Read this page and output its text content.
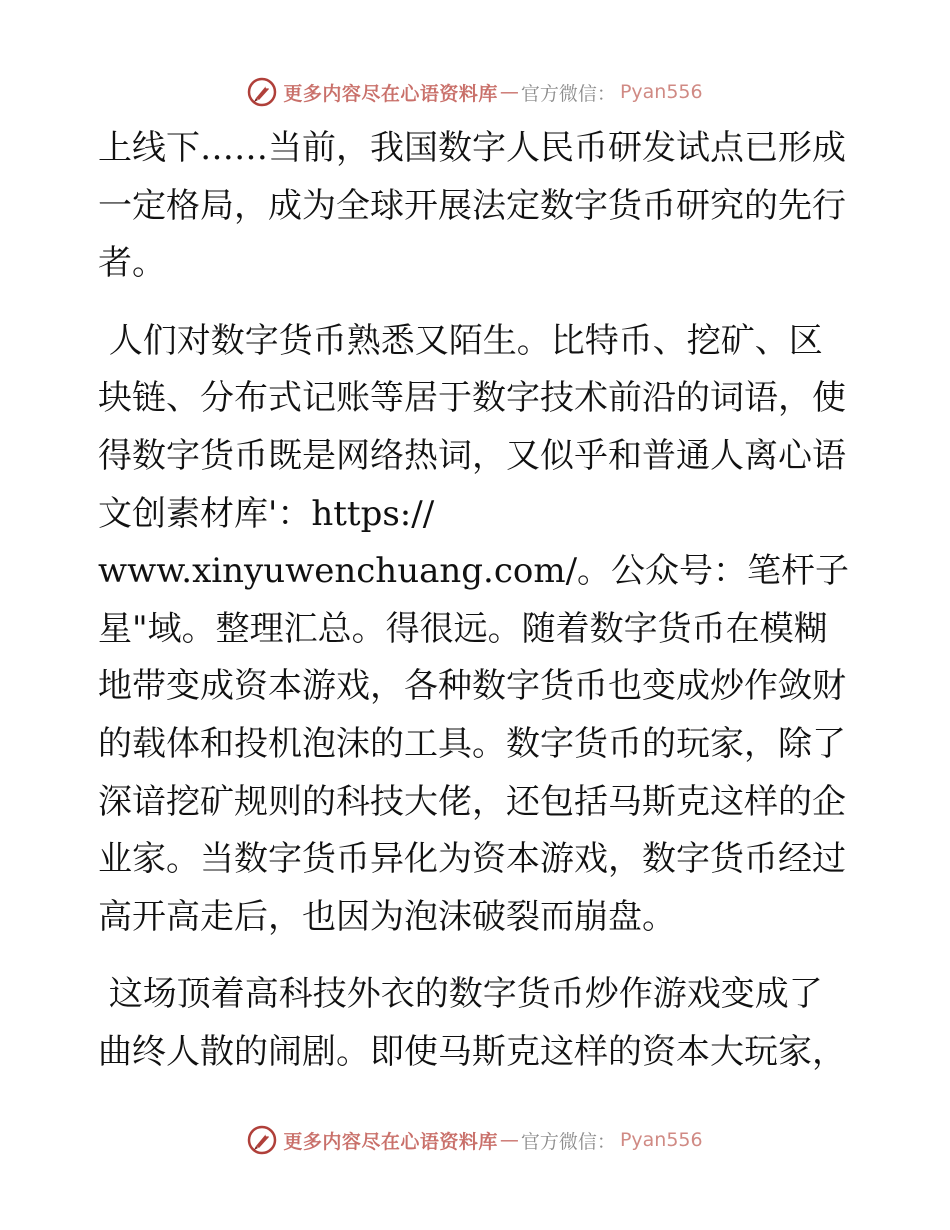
更多内容尽在心语资料库 — 官方微信： Pyan556

上线下……当前，我国数字人民币研发试点已形成

一定格局，成为全球开展法定数字货币研究的先行

者。

人们对数字货币熟悉又陌生。比特币、挖矿、区

块链、分布式记账等居于数字技术前沿的词语，使

得数字货币既是网络热词，又似乎和普通人离心语

文创素材库'：https://

www.xinyuwenchuang.com/。公众号：笔杆子

星"域。整理汇总。得很远。随着数字货币在模糊

地带变成资本游戏，各种数字货币也变成炒作敛财

的载体和投机泡沫的工具。数字货币的玩家，除了

深谙挖矿规则的科技大佬，还包括马斯克这样的企

业家。当数字货币异化为资本游戏，数字货币经过

高开高走后，也因为泡沫破裂而崩盘。

这场顶着高科技外衣的数字货币炒作游戏变成了

曲终人散的闹剧。即使马斯克这样的资本大玩家，

更多内容尽在心语资料库 — 官方微信： Pyan556
